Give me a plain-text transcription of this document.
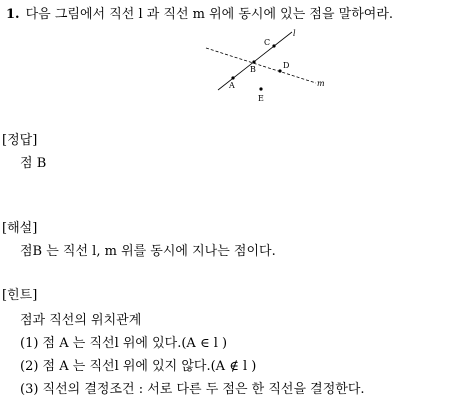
1. 다음 그림에서 직선 l 과 직선 m 위에 동시에 있는 점을 말하여라.
l
m
A
B
C
D
E
[정답]
점 B
[해설]
점B 는 직선 l, m 위를 동시에 지나는 점이다.
[힌트]
점과 직선의 위치관계
(1) 점 A 는 직선l 위에 있다.(A ∈ l )
(2) 점 A 는 직선l 위에 있지 않다.(A ∉ l )
(3) 직선의 결정조건 : 서로 다른 두 점은 한 직선을 결정한다.
